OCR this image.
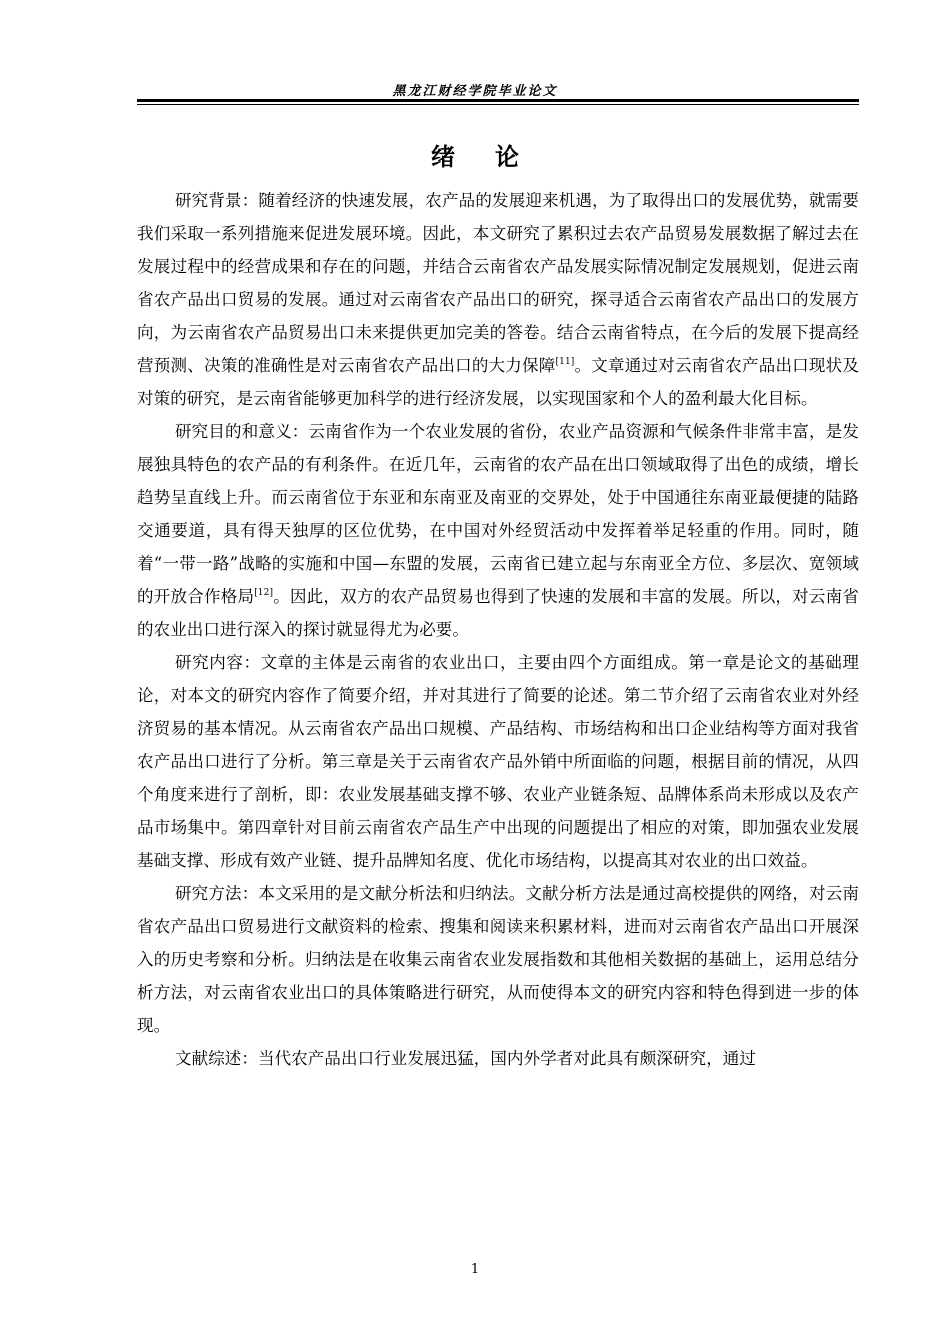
黑龙江财经学院毕业论文
绪论

研究背景：随着经济的快速发展，农产品的发展迎来机遇，为了取得出口的发展优势，就需要我们采取一系列措施来促进发展环境。因此，本文研究了累积过去农产品贸易发展数据了解过去在发展过程中的经营成果和存在的问题，并结合云南省农产品发展实际情况制定发展规划，促进云南省农产品出口贸易的发展。通过对云南省农产品出口的研究，探寻适合云南省农产品出口的发展方向，为云南省农产品贸易出口未来提供更加完美的答卷。结合云南省特点，在今后的发展下提高经营预测、决策的准确性是对云南省农产品出口的大力保障[11]。文章通过对云南省农产品出口现状及对策的研究，是云南省能够更加科学的进行经济发展，以实现国家和个人的盈利最大化目标。

研究目的和意义：云南省作为一个农业发展的省份，农业产品资源和气候条件非常丰富，是发展独具特色的农产品的有利条件。在近几年，云南省的农产品在出口领域取得了出色的成绩，增长趋势呈直线上升。而云南省位于东亚和东南亚及南亚的交界处，处于中国通往东南亚最便捷的陆路交通要道，具有得天独厚的区位优势，在中国对外经贸活动中发挥着举足轻重的作用。同时，随着“一带一路”战略的实施和中国—东盟的发展，云南省已建立起与东南亚全方位、多层次、宽领域的开放合作格局[12]。因此，双方的农产品贸易也得到了快速的发展和丰富的发展。所以，对云南省的农业出口进行深入的探讨就显得尤为必要。

研究内容：文章的主体是云南省的农业出口，主要由四个方面组成。第一章是论文的基础理论，对本文的研究内容作了简要介绍，并对其进行了简要的论述。第二节介绍了云南省农业对外经济贸易的基本情况。从云南省农产品出口规模、产品结构、市场结构和出口企业结构等方面对我省农产品出口进行了分析。第三章是关于云南省农产品外销中所面临的问题，根据目前的情况，从四个角度来进行了剖析，即：农业发展基础支撑不够、农业产业链条短、品牌体系尚未形成以及农产品市场集中。第四章针对目前云南省农产品生产中出现的问题提出了相应的对策，即加强农业发展基础支撑、形成有效产业链、提升品牌知名度、优化市场结构，以提高其对农业的出口效益。

研究方法：本文采用的是文献分析法和归纳法。文献分析方法是通过高校提供的网络，对云南省农产品出口贸易进行文献资料的检索、搜集和阅读来积累材料，进而对云南省农产品出口开展深入的历史考察和分析。归纳法是在收集云南省农业发展指数和其他相关数据的基础上，运用总结分析方法，对云南省农业出口的具体策略进行研究，从而使得本文的研究内容和特色得到进一步的体现。

文献综述：当代农产品出口行业发展迅猛，国内外学者对此具有颇深研究，通过

1
